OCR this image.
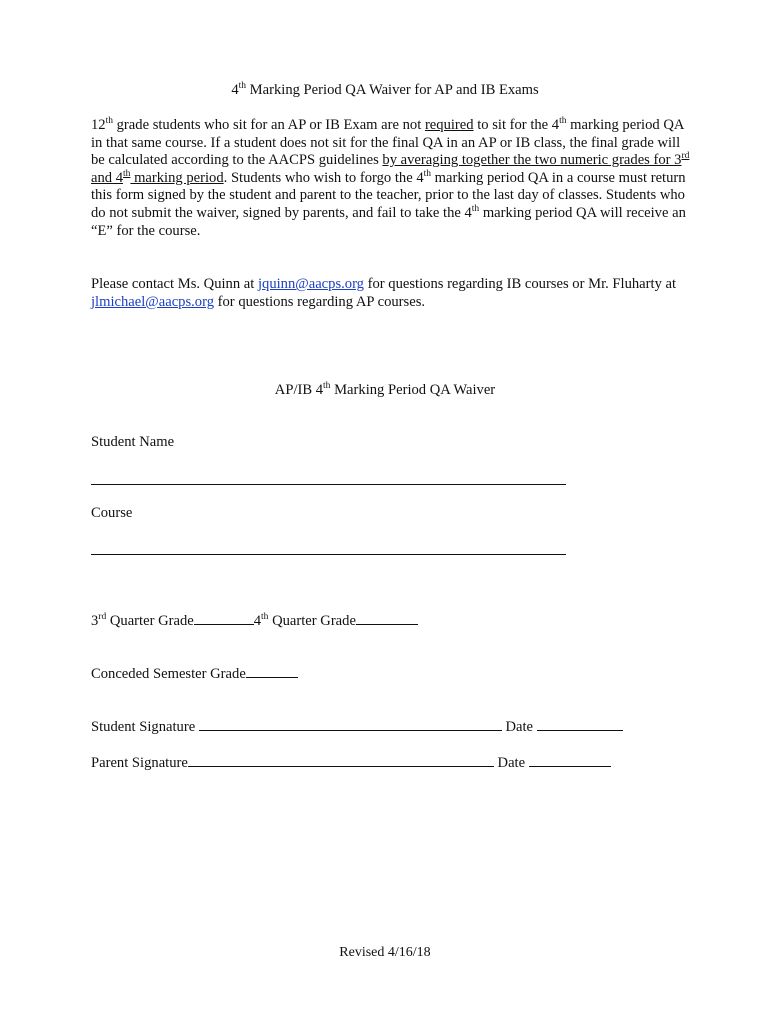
4th Marking Period QA Waiver for AP and IB Exams

12th grade students who sit for an AP or IB Exam are not required to sit for the 4th marking period QA in that same course. If a student does not sit for the final QA in an AP or IB class, the final grade will be calculated according to the AACPS guidelines by averaging together the two numeric grades for 3rd and 4th marking period. Students who wish to forgo the 4th marking period QA in a course must return this form signed by the student and parent to the teacher, prior to the last day of classes. Students who do not submit the waiver, signed by parents, and fail to take the 4th marking period QA will receive an “E” for the course.

Please contact Ms. Quinn at jquinn@aacps.org for questions regarding IB courses or Mr. Fluharty at jlmichael@aacps.org for questions regarding AP courses.

AP/IB 4th Marking Period QA Waiver
Student Name
Course
3rd Quarter Grade	4th Quarter Grade
Conceded Semester Grade
Student Signature	Date
Parent Signature	Date
Revised 4/16/18
